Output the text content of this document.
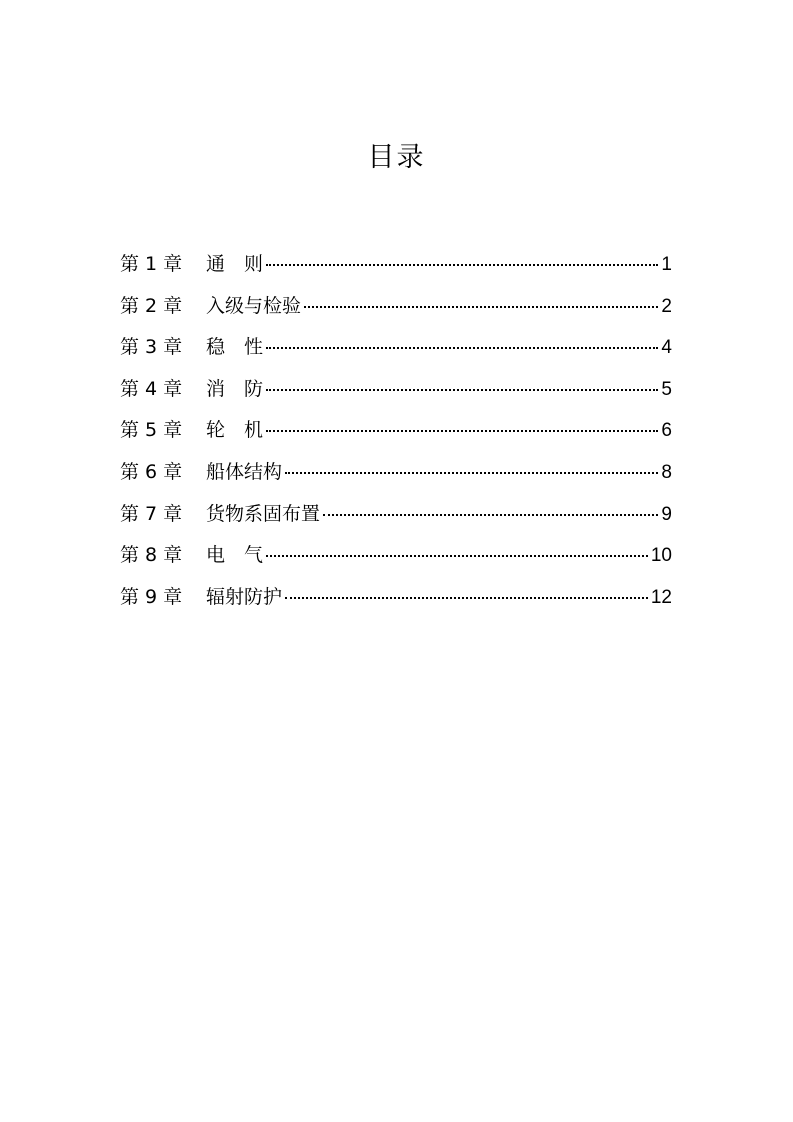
目录
第 1 章	通　则	1
第 2 章	入级与检验	2
第 3 章	稳　性	4
第 4 章	消　防	5
第 5 章	轮　机	6
第 6 章	船体结构	8
第 7 章	货物系固布置	9
第 8 章	电　气	10
第 9 章	辐射防护	12
